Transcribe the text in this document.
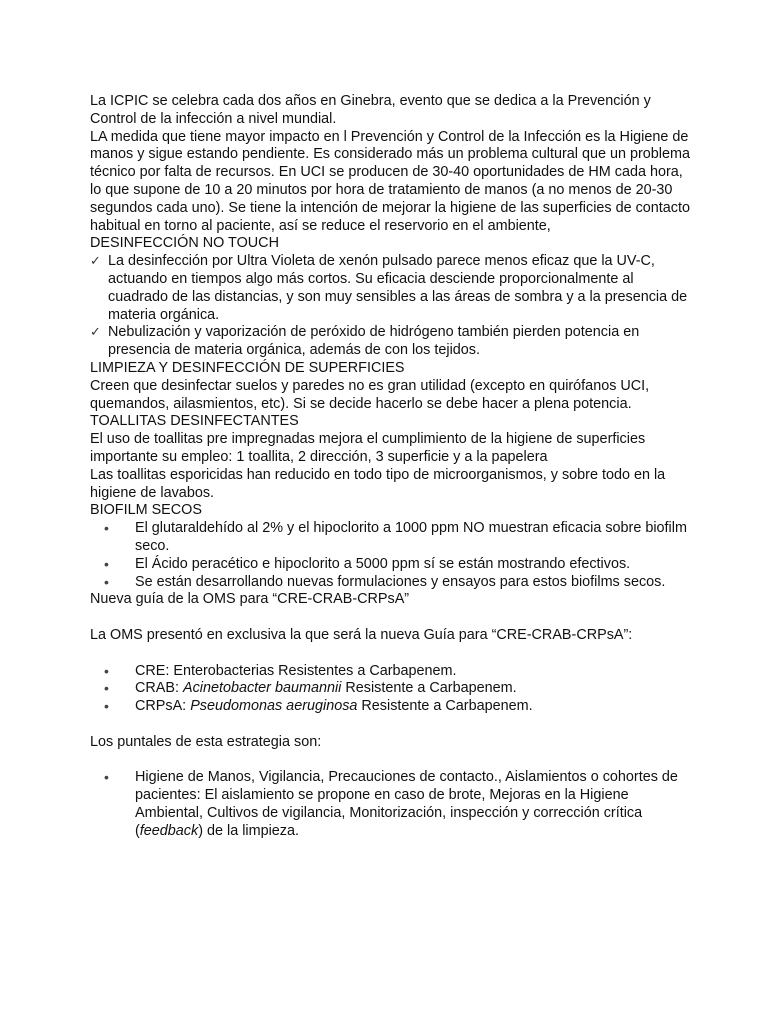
La ICPIC se celebra cada dos años en Ginebra, evento que se dedica a la Prevención y Control de la infección a nivel mundial.

LA medida que tiene mayor impacto en l Prevención y Control de la Infección es la Higiene de manos y sigue estando pendiente. Es considerado más un problema cultural que un problema técnico por falta de recursos. En UCI se producen de 30-40 oportunidades de HM cada hora, lo que supone de 10 a 20 minutos por hora de tratamiento de manos (a no menos de 20-30 segundos cada uno). Se tiene la intención de mejorar la higiene de las superficies de contacto habitual en torno al paciente, así se reduce el reservorio en el ambiente,

DESINFECCIÓN NO TOUCH

✓ La desinfección por Ultra Violeta de xenón pulsado parece menos eficaz que la UV-C, actuando en tiempos algo más cortos. Su eficacia desciende proporcionalmente al cuadrado de las distancias, y son muy sensibles a las áreas de sombra y a la presencia de materia orgánica.
✓ Nebulización y vaporización de peróxido de hidrógeno también pierden potencia en presencia de materia orgánica, además de con los tejidos.

LIMPIEZA Y DESINFECCIÓN DE SUPERFICIES

Creen que desinfectar suelos y paredes no es gran utilidad (excepto en quirófanos UCI, quemandos, ailasmientos, etc). Si se decide hacerlo se debe hacer a plena potencia.

TOALLITAS DESINFECTANTES

El uso de toallitas pre impregnadas mejora el cumplimiento de la higiene de superficies importante su empleo: 1 toallita, 2 dirección, 3 superficie y a la papelera

Las toallitas esporicidas han reducido en todo tipo de microorganismos, y sobre todo en la higiene de lavabos.

BIOFILM SECOS

• El glutaraldehído al 2% y el hipoclorito a 1000 ppm NO muestran eficacia sobre biofilm seco.
• El Ácido peracético e hipoclorito a 5000 ppm sí se están mostrando efectivos.
• Se están desarrollando nuevas formulaciones y ensayos para estos biofilms secos.

Nueva guía de la OMS para “CRE-CRAB-CRPsA”

La OMS presentó en exclusiva la que será la nueva Guía para “CRE-CRAB-CRPsA”:

• CRE: Enterobacterias Resistentes a Carbapenem.
• CRAB: Acinetobacter baumannii Resistente a Carbapenem.
• CRPsA: Pseudomonas aeruginosa Resistente a Carbapenem.

Los puntales de esta estrategia son:

• Higiene de Manos, Vigilancia, Precauciones de contacto., Aislamientos o cohortes de pacientes: El aislamiento se propone en caso de brote, Mejoras en la Higiene Ambiental, Cultivos de vigilancia, Monitorización, inspección y corrección crítica (feedback) de la limpieza.
